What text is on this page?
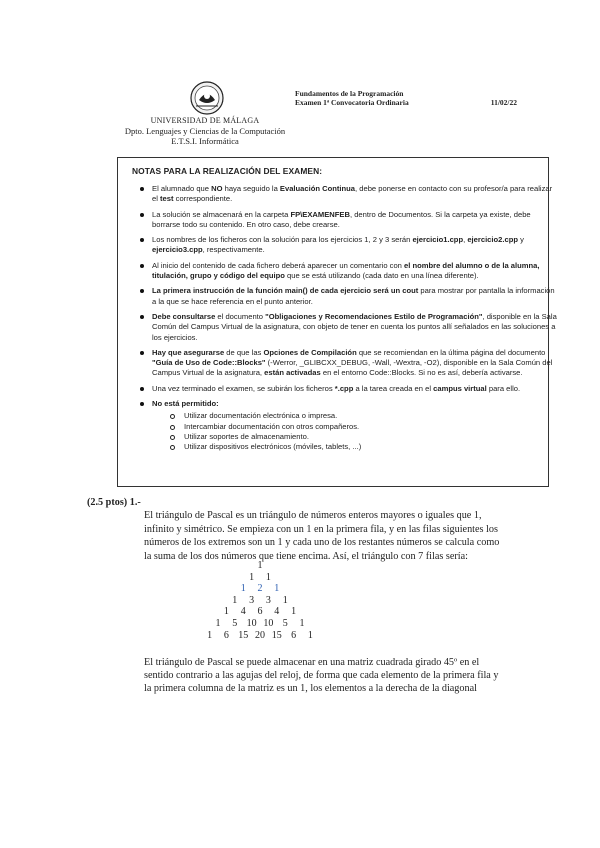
UNIVERSIDAD DE MÁLAGA
Dpto. Lenguajes y Ciencias de la Computación
E.T.S.I. Informática
Fundamentos de la Programación
Examen 1ª Convocatoria Ordinaria	11/02/22
NOTAS PARA LA REALIZACIÓN DEL EXAMEN:
El alumnado que NO haya seguido la Evaluación Continua, debe ponerse en contacto con su profesor/a para realizar el test correspondiente.
La solución se almacenará en la carpeta FP\EXAMENFEB, dentro de Documentos. Si la carpeta ya existe, debe borrarse todo su contenido. En otro caso, debe crearse.
Los nombres de los ficheros con la solución para los ejercicios 1, 2 y 3 serán ejercicio1.cpp, ejercicio2.cpp y ejercicio3.cpp, respectivamente.
Al inicio del contenido de cada fichero deberá aparecer un comentario con el nombre del alumno o de la alumna, titulación, grupo y código del equipo que se está utilizando (cada dato en una línea diferente).
La primera instrucción de la función main() de cada ejercicio será un cout para mostrar por pantalla la información a la que se hace referencia en el punto anterior.
Debe consultarse el documento "Obligaciones y Recomendaciones Estilo de Programación", disponible en la Sala Común del Campus Virtual de la asignatura, con objeto de tener en cuenta los puntos allí señalados en las soluciones a los ejercicios.
Hay que asegurarse de que las Opciones de Compilación que se recomiendan en la última página del documento "Guía de Uso de Code::Blocks" (-Werror, _GLIBCXX_DEBUG, -Wall, -Wextra, -O2), disponible en la Sala Común del Campus Virtual de la asignatura, están activadas en el entorno Code::Blocks. Si no es así, debería activarse.
Una vez terminado el examen, se subirán los ficheros *.cpp a la tarea creada en el campus virtual para ello.
No está permitido:
Utilizar documentación electrónica o impresa.
Intercambiar documentación con otros compañeros.
Utilizar soportes de almacenamiento.
Utilizar dispositivos electrónicos (móviles, tablets, ...)
(2.5 ptos) 1.-

El triángulo de Pascal es un triángulo de números enteros mayores o iguales que 1, infinito y simétrico. Se empieza con un 1 en la primera fila, y en las filas siguientes los números de los extremos son un 1 y cada uno de los restantes números se calcula como la suma de los dos números que tiene encima. Así, el triángulo con 7 filas sería:

1
1 1
1 2 1
1 3 3 1
1 4 6 4 1
1 5 10 10 5 1
1 6 15 20 15 6 1

El triángulo de Pascal se puede almacenar en una matriz cuadrada girado 45º en el sentido contrario a las agujas del reloj, de forma que cada elemento de la primera fila y la primera columna de la matriz es un 1, los elementos a la derecha de la diagonal
